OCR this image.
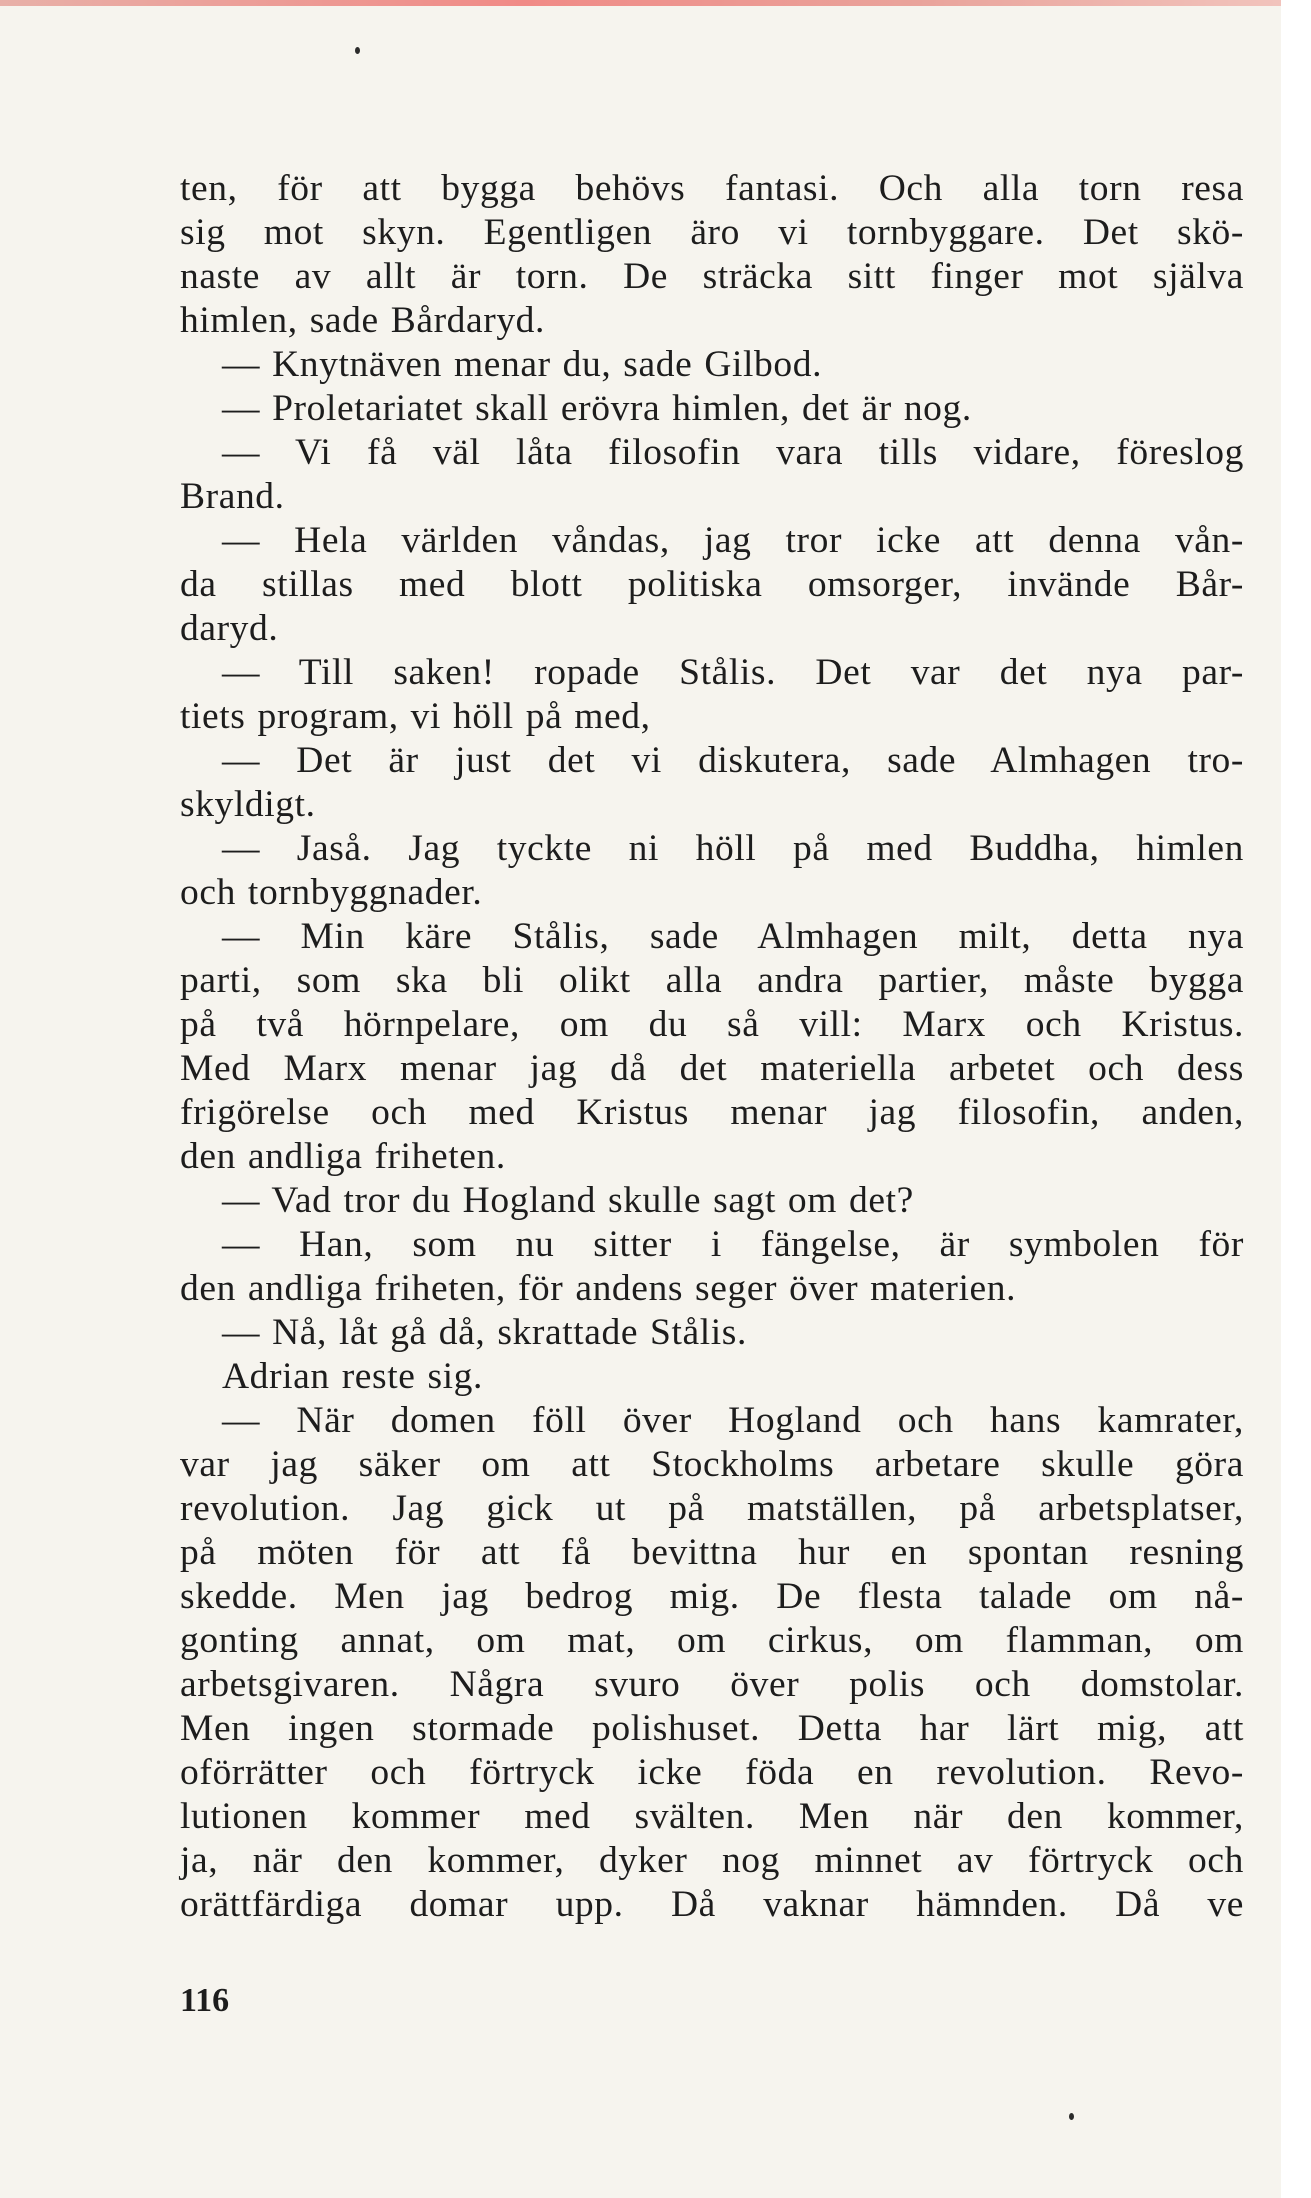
ten, för att bygga behövs fantasi. Och alla torn resa
sig mot skyn. Egentligen äro vi tornbyggare. Det skö-
naste av allt är torn. De sträcka sitt finger mot själva
himlen, sade Bårdaryd.
— Knytnäven menar du, sade Gilbod.
— Proletariatet skall erövra himlen, det är nog.
— Vi få väl låta filosofin vara tills vidare, föreslog
Brand.
— Hela världen våndas, jag tror icke att denna vån-
da stillas med blott politiska omsorger, invände Bår-
daryd.
— Till saken! ropade Stålis. Det var det nya par-
tiets program, vi höll på med,
— Det är just det vi diskutera, sade Almhagen tro-
skyldigt.
— Jaså. Jag tyckte ni höll på med Buddha, himlen
och tornbyggnader.
— Min käre Stålis, sade Almhagen milt, detta nya
parti, som ska bli olikt alla andra partier, måste bygga
på två hörnpelare, om du så vill: Marx och Kristus.
Med Marx menar jag då det materiella arbetet och dess
frigörelse och med Kristus menar jag filosofin, anden,
den andliga friheten.
— Vad tror du Hogland skulle sagt om det?
— Han, som nu sitter i fängelse, är symbolen för
den andliga friheten, för andens seger över materien.
— Nå, låt gå då, skrattade Stålis.
Adrian reste sig.
— När domen föll över Hogland och hans kamrater,
var jag säker om att Stockholms arbetare skulle göra
revolution. Jag gick ut på matställen, på arbetsplatser,
på möten för att få bevittna hur en spontan resning
skedde. Men jag bedrog mig. De flesta talade om nå-
gonting annat, om mat, om cirkus, om flamman, om
arbetsgivaren. Några svuro över polis och domstolar.
Men ingen stormade polishuset. Detta har lärt mig, att
oförrätter och förtryck icke föda en revolution. Revo-
lutionen kommer med svälten. Men när den kommer,
ja, när den kommer, dyker nog minnet av förtryck och
orättfärdiga domar upp. Då vaknar hämnden. Då ve
116
